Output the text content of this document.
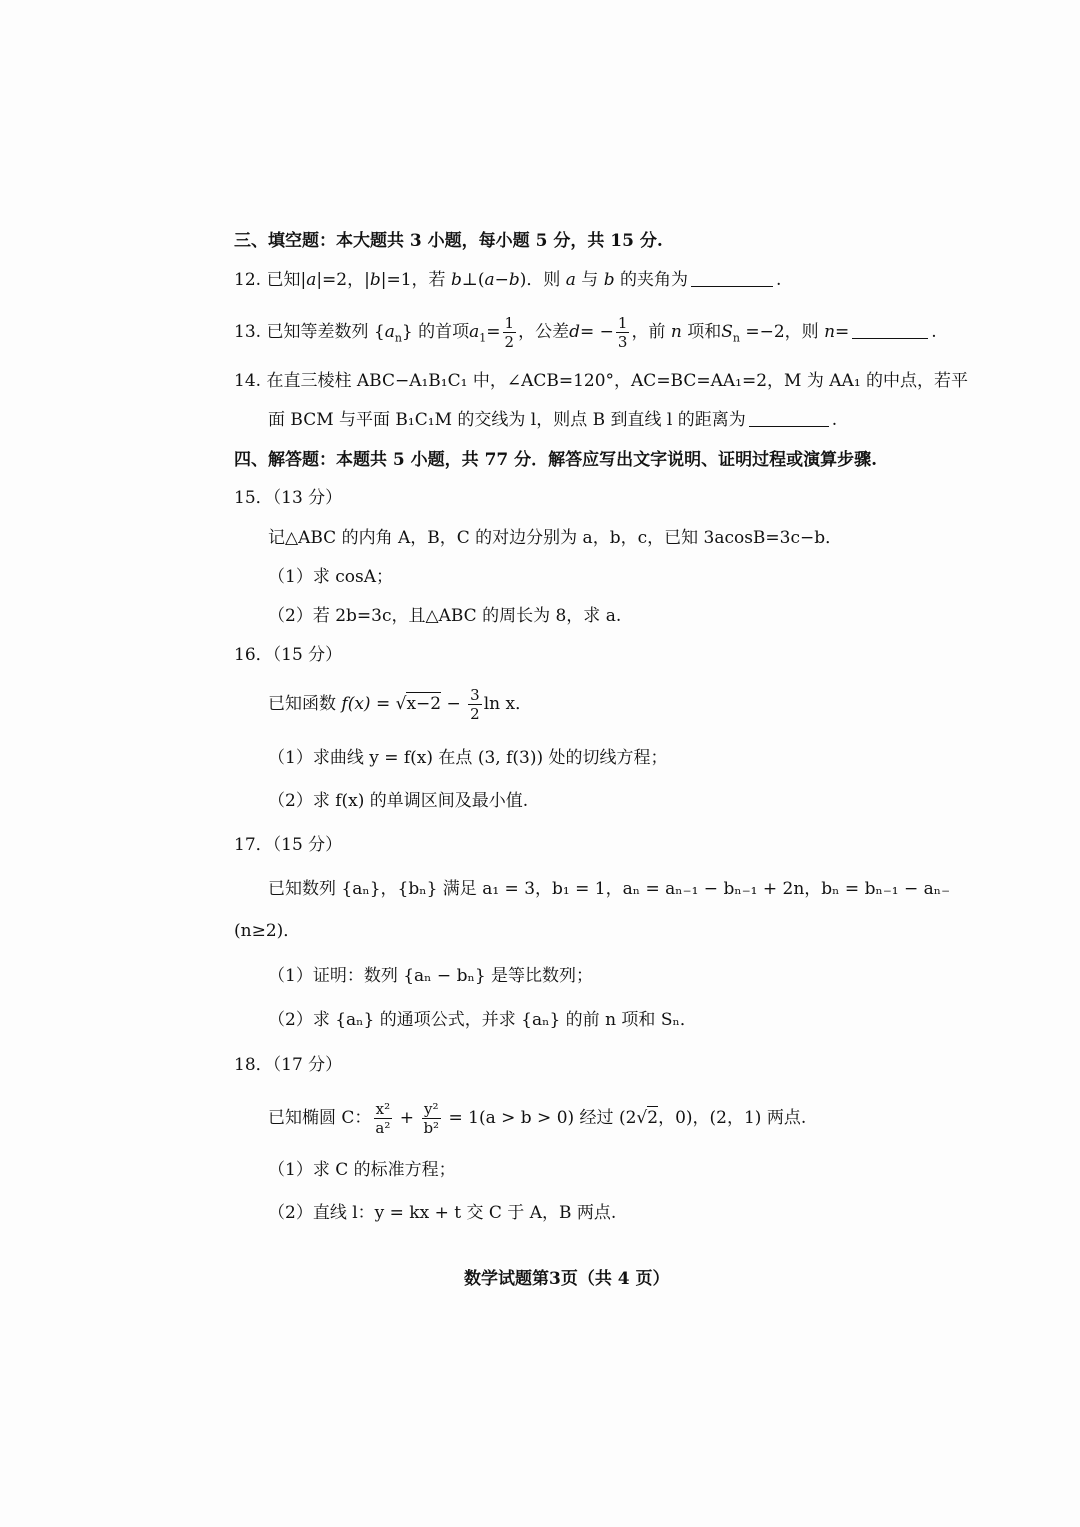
三、填空题：本大题共 3 小题，每小题 5 分，共 15 分.
12. 已知|a|=2，|b|=1，若 b⊥(a−b)．则 a 与 b 的夹角为	.
13. 已知等差数列 $\{a_n\}$ 的首项$a_1= \frac{1}{2}$ ，公差$d= - \frac{1}{3}$ ，前 n 项和$S_n =-2$，则 n=	.
14. 在直三棱柱 ABC−A₁B₁C₁ 中，∠ACB=120°，AC=BC=AA₁=2，M 为 AA₁ 的中点，若平
面 BCM 与平面 B₁C₁M 的交线为 l，则点 B 到直线 l 的距离为	.
四、解答题：本题共 5 小题，共 77 分．解答应写出文字说明、证明过程或演算步骤.
15．（13 分）
记△ABC 的内角 A，B，C 的对边分别为 a，b，c，已知 3acosB=3c−b．
（1）求 cosA；
（2）若 2b=3c，且△ABC 的周长为 8，求 a.
16．（15 分）
已知函数 $f(x) = √x-2 - \frac{3}{2}$ ln x．
（1）求曲线 y = f(x) 在点 (3, f(3)) 处的切线方程；
（2）求 f(x) 的单调区间及最小值.
17．（15 分）
已知数列 {aₙ}，{bₙ} 满足 a₁ = 3，b₁ = 1，aₙ = aₙ₋₁ − bₙ₋₁ + 2n，bₙ = bₙ₋₁ − aₙ₋
(n≥2)．
（1）证明：数列 {aₙ − bₙ} 是等比数列；
（2）求 {aₙ} 的通项公式，并求 {aₙ} 的前 n 项和 Sₙ．
18．（17 分）
已知椭圆 C： $\frac{\text{x²}}{\text{a²}} + \frac{\text{y²}}{\text{b²}} = 1(a > b > 0)$ 经过 (2√2，0)，(2，1) 两点.
（1）求 C 的标准方程；
（2）直线 l：y = kx + t 交 C 于 A，B 两点.
数学试题第3页（共 4 页）
